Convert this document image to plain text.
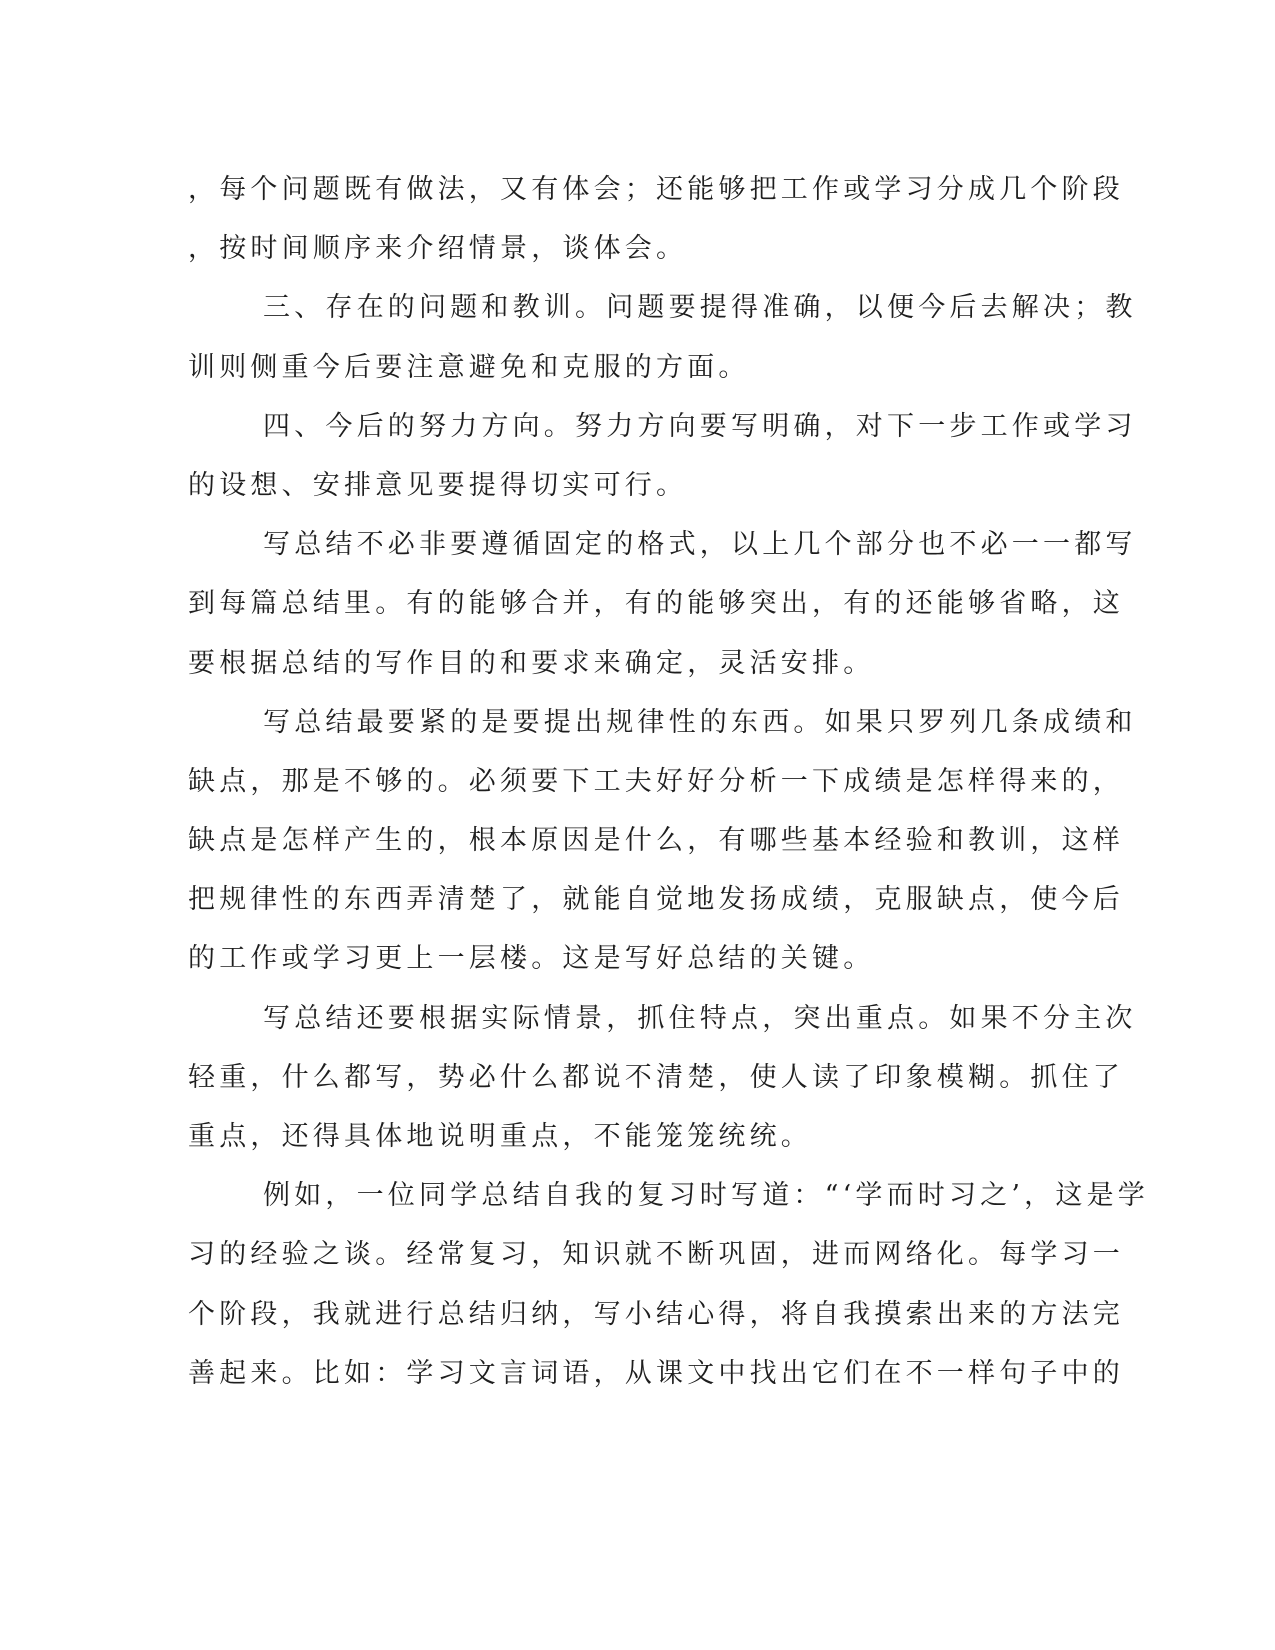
，每个问题既有做法，又有体会；还能够把工作或学习分成几个阶段
，按时间顺序来介绍情景，谈体会。
三、存在的问题和教训。问题要提得准确，以便今后去解决；教
训则侧重今后要注意避免和克服的方面。
四、今后的努力方向。努力方向要写明确，对下一步工作或学习
的设想、安排意见要提得切实可行。
写总结不必非要遵循固定的格式，以上几个部分也不必一一都写
到每篇总结里。有的能够合并，有的能够突出，有的还能够省略，这
要根据总结的写作目的和要求来确定，灵活安排。
写总结最要紧的是要提出规律性的东西。如果只罗列几条成绩和
缺点，那是不够的。必须要下工夫好好分析一下成绩是怎样得来的，
缺点是怎样产生的，根本原因是什么，有哪些基本经验和教训，这样
把规律性的东西弄清楚了，就能自觉地发扬成绩，克服缺点，使今后
的工作或学习更上一层楼。这是写好总结的关键。
写总结还要根据实际情景，抓住特点，突出重点。如果不分主次
轻重，什么都写，势必什么都说不清楚，使人读了印象模糊。抓住了
重点，还得具体地说明重点，不能笼笼统统。
例如，一位同学总结自我的复习时写道：“‘学而时习之’，这是学
习的经验之谈。经常复习，知识就不断巩固，进而网络化。每学习一
个阶段，我就进行总结归纳，写小结心得，将自我摸索出来的方法完
善起来。比如：学习文言词语，从课文中找出它们在不一样句子中的
